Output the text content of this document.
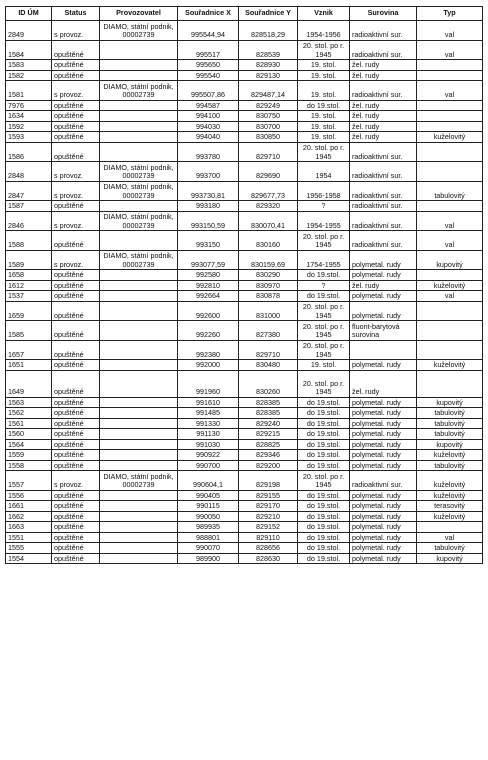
ID ÚM	Status	Provozovatel	Souřadnice X	Souřadnice Y	Vznik	Surovina	Typ
2849	s provoz.	DIAMO, státní podnik, 00002739	995544,94	828518,29	1954-1956	radioaktivní sur.	val
1584	opuštěné		995517	828539	20. stol. po r. 1945	radioaktivní sur.	val
1583	opuštěné		995650	828930	19. stol.	žel. rudy	
1582	opuštěné		995540	829130	19. stol.	žel. rudy	
1581	s provoz.	DIAMO, státní podnik, 00002739	995507,86	829487,14	19. stol.	radioaktivní sur.	val
7976	opuštěné		994587	829249	do 19.stol.	žel. rudy	
1634	opuštěné		994100	830750	19. stol.	žel. rudy	
1592	opuštěné		994030	830700	19. stol.	žel. rudy	
1593	opuštěné		994040	830850	19. stol.	žel. rudy	kuželovitý
1586	opuštěné		993780	829710	20. stol. po r. 1945	radioaktivní sur.	
2848	s provoz.	DIAMO, státní podnik, 00002739	993700	829690	1954	radioaktivní sur.	
2847	s provoz.	DIAMO, státní podnik, 00002739	993730,81	829677,73	1956-1958	radioaktivní sur.	tabulovitý
1587	opuštěné		993180	829320	?	radioaktivní sur.	
2846	s provoz.	DIAMO, státní podnik, 00002739	993150,59	830070,41	1954-1955	radioaktivní sur.	val
1588	opuštěné		993150	830160	20. stol. po r. 1945	radioaktivní sur.	val
1589	s provoz.	DIAMO, státní podnik, 00002739	993077,59	830159,69	1754-1955	polymetal. rudy	kupovitý
1658	opuštěné		992580	830290	do 19.stol.	polymetal. rudy	
1612	opuštěné		992810	830970	?	žel. rudy	kuželovitý
1537	opuštěné		992664	830878	do 19.stol.	polymetal. rudy	val
1659	opuštěné		992600	831000	20. stol. po r. 1945	polymetal. rudy	
1585	opuštěné		992260	827380	20. stol. po r. 1945	fluorit-barytová surovina	
1657	opuštěné		992380	829710	20. stol. po r. 1945		
1651	opuštěné		992000	830480	19. stol.	polymetal. rudy	kuželovitý
1649	opuštěné		991960	830260	20. stol. po r. 1945	žel. rudy	
1563	opuštěné		991610	828385	do 19.stol.	polymetal. rudy	kupovitý
1562	opuštěné		991485	828385	do 19.stol.	polymetal. rudy	tabulovitý
1561	opuštěné		991330	829240	do 19.stol.	polymetal. rudy	tabulovitý
1560	opuštěné		991130	829215	do 19.stol.	polymetal. rudy	tabulovitý
1564	opuštěné		991030	828825	do 19.stol.	polymetal. rudy	kupovitý
1559	opuštěné		990922	829346	do 19.stol.	polymetal. rudy	kuželovitý
1558	opuštěné		990700	829200	do 19.stol.	polymetal. rudy	tabulovitý
1557	s provoz.	DIAMO, státní podnik, 00002739	990604,1	829198	20. stol. po r. 1945	radioaktivní sur.	kuželovitý
1556	opuštěné		990405	829155	do 19.stol.	polymetal. rudy	kuželovitý
1661	opuštěné		990115	829170	do 19.stol.	polymetal. rudy	terasovitý
1662	opuštěné		990050	829210	do 19.stol.	polymetal. rudy	kuželovitý
1663	opuštěné		989935	829152	do 19.stol.	polymetal. rudy	
1551	opuštěné		988801	829110	do 19.stol.	polymetal. rudy	val
1555	opuštěné		990070	828656	do 19.stol.	polymetal. rudy	tabulovitý
1554	opuštěné		989900	828630	do 19.stol.	polymetal. rudy	kupovitý
